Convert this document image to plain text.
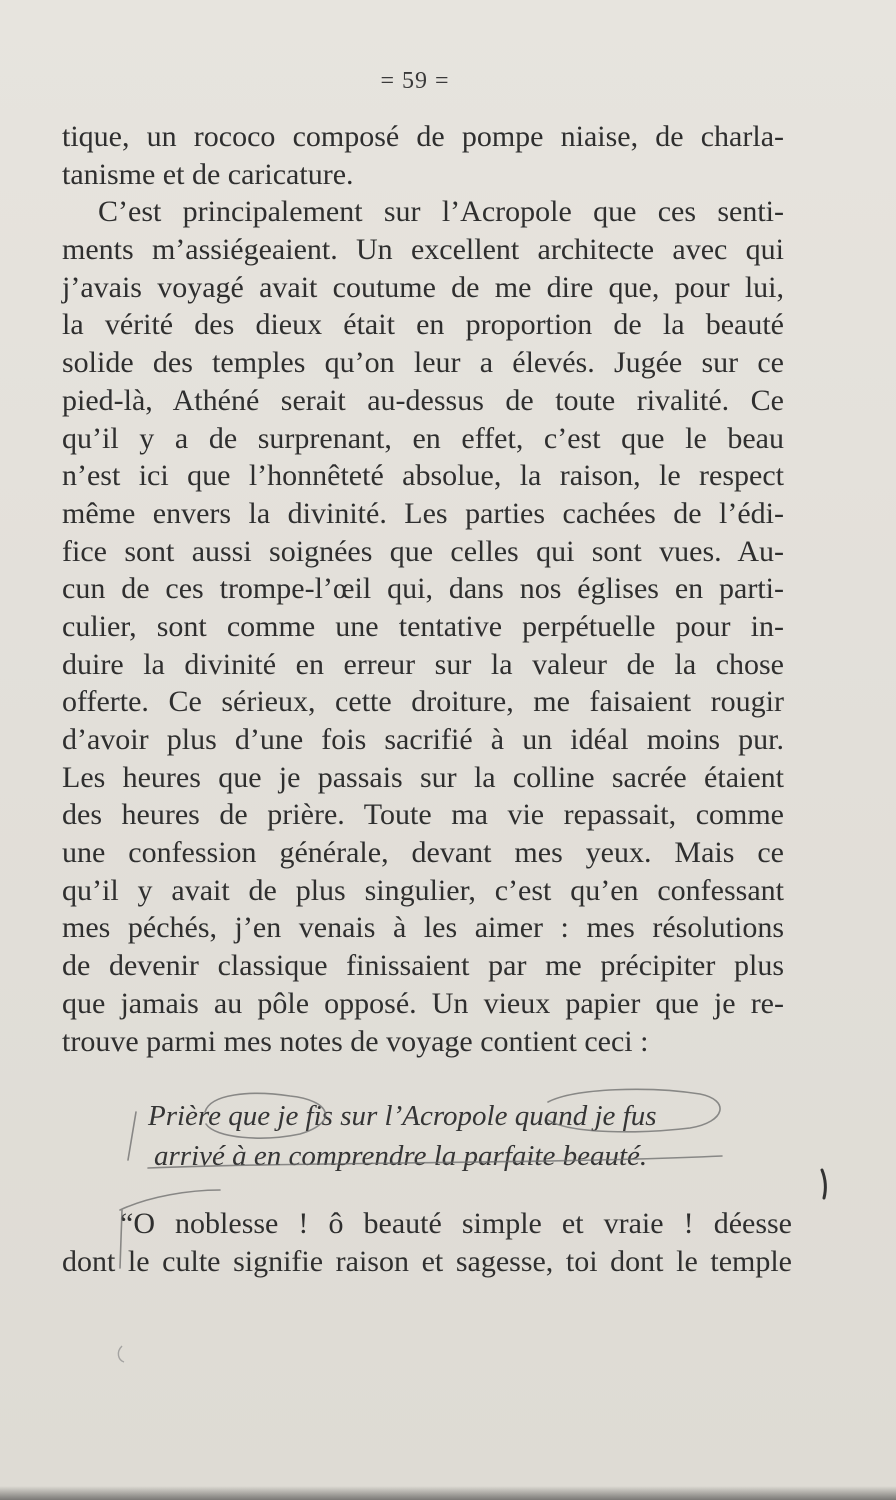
= 59 =
tique, un rococo composé de pompe niaise, de charla-
tanisme et de caricature.
C’est principalement sur l’Acropole que ces senti-
ments m’assiégeaient. Un excellent architecte avec qui
j’avais voyagé avait coutume de me dire que, pour lui,
la vérité des dieux était en proportion de la beauté
solide des temples qu’on leur a élevés. Jugée sur ce
pied-là, Athéné serait au-dessus de toute rivalité. Ce
qu’il y a de surprenant, en effet, c’est que le beau
n’est ici que l’honnêteté absolue, la raison, le respect
même envers la divinité. Les parties cachées de l’édi-
fice sont aussi soignées que celles qui sont vues. Au-
cun de ces trompe-l’œil qui, dans nos églises en parti-
culier, sont comme une tentative perpétuelle pour in-
duire la divinité en erreur sur la valeur de la chose
offerte. Ce sérieux, cette droiture, me faisaient rougir
d’avoir plus d’une fois sacrifié à un idéal moins pur.
Les heures que je passais sur la colline sacrée étaient
des heures de prière. Toute ma vie repassait, comme
une confession générale, devant mes yeux. Mais ce
qu’il y avait de plus singulier, c’est qu’en confessant
mes péchés, j’en venais à les aimer : mes résolutions
de devenir classique finissaient par me précipiter plus
que jamais au pôle opposé. Un vieux papier que je re-
trouve parmi mes notes de voyage contient ceci :
Prière que je fis sur l’Acropole quand je fus
arrivé à en comprendre la parfaite beauté.
“O noblesse ! ô beauté simple et vraie ! déesse
dont le culte signifie raison et sagesse, toi dont le temple
